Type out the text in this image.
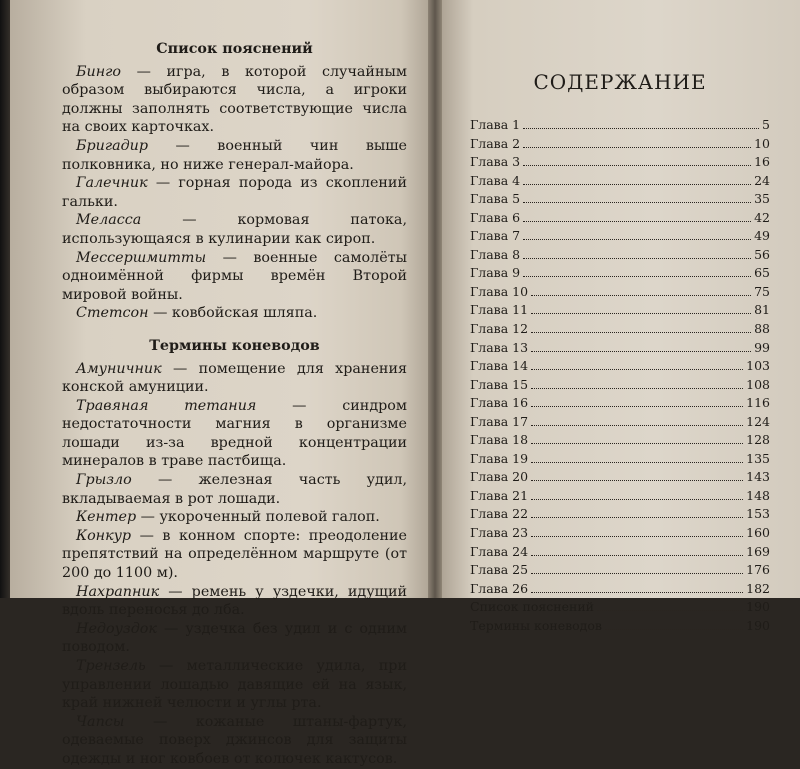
Список пояснений

Бинго — игра, в которой случайным образом выбираются числа, а игроки должны заполнять соответствующие числа на своих карточках.

Бригадир — военный чин выше полковника, но ниже генерал-майора.

Галечник — горная порода из скоплений гальки.

Меласса — кормовая патока, использующаяся в кулинарии как сироп.

Мессершмитты — военные самолёты одноимённой фирмы времён Второй мировой войны.

Стетсон — ковбойская шляпа.

Термины коневодов

Амуничник — помещение для хранения конской амуниции.

Травяная тетания — синдром недостаточности магния в организме лошади из-за вредной концентрации минералов в траве пастбища.

Грызло — железная часть удил, вкладываемая в рот лошади.

Кентер — укороченный полевой галоп.

Конкур — в конном спорте: преодоление препятствий на определённом маршруте (от 200 до 1100 м).

Нахрапник — ремень у уздечки, идущий вдоль переносья до лба.

Недоуздок — уздечка без удил и с одним поводом.

Трензель — металлические удила, при управлении лошадью давящие ей на язык, край нижней челюсти и углы рта.

Чапсы — кожаные штаны-фартук, одеваемые поверх джинсов для защиты одежды и ног ковбоев от колючек кактусов.

СОДЕРЖАНИЕ

Глава 1	5
Глава 2	10
Глава 3	16
Глава 4	24
Глава 5	35
Глава 6	42
Глава 7	49
Глава 8	56
Глава 9	65
Глава 10	75
Глава 11	81
Глава 12	88
Глава 13	99
Глава 14	103
Глава 15	108
Глава 16	116
Глава 17	124
Глава 18	128
Глава 19	135
Глава 20	143
Глава 21	148
Глава 22	153
Глава 23	160
Глава 24	169
Глава 25	176
Глава 26	182
Список пояснений	190
Термины коневодов	190
